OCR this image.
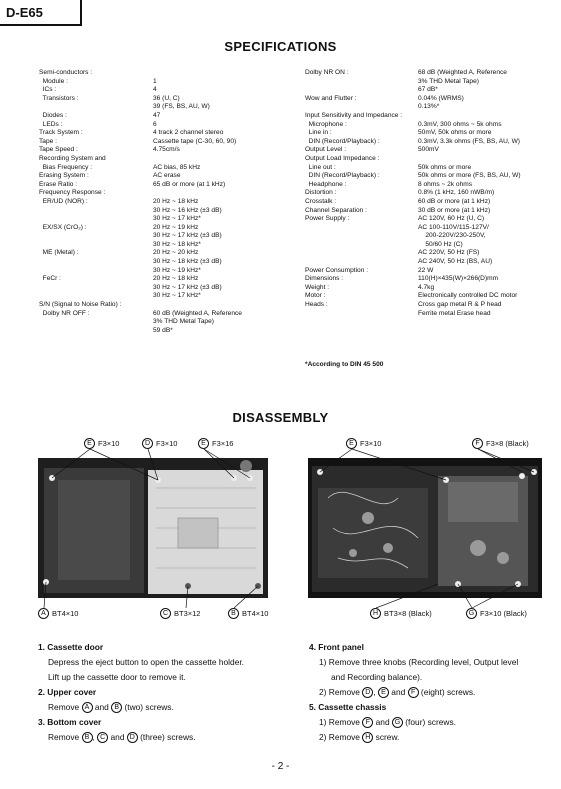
D-E65
SPECIFICATIONS
Semi-conductors :
Module :	1
ICs :	4
Transistors :	36 (U, C)
39 (FS, BS, AU, W)
Diodes :	47
LEDs :	6
Track System :	4 track 2 channel stereo
Tape :	Cassette tape (C-30, 60, 90)
Tape Speed :	4.75cm/s
Recording System and
Bias Frequency :	AC bias, 85 kHz
Erasing System :	AC erase
Erase Ratio :	65 dB or more (at 1 kHz)
Frequency Response :
ER/UD (NOR) :	20 Hz ~ 18 kHz
30 Hz ~ 16 kHz (±3 dB)
30 Hz ~ 17 kHz*
EX/SX (CrO₂) :	20 Hz ~ 19 kHz
30 Hz ~ 17 kHz (±3 dB)
30 Hz ~ 18 kHz*
ME (Metal) :	20 Hz ~ 20 kHz
30 Hz ~ 18 kHz (±3 dB)
30 Hz ~ 19 kHz*
FeCr :	20 Hz ~ 18 kHz
30 Hz ~ 17 kHz (±3 dB)
30 Hz ~ 17 kHz*
S/N (Signal to Noise Ratio) :
Dolby NR OFF :	60 dB (Weighted A, Reference
3% THD Metal Tape)
59 dB*
Dolby NR ON :	68 dB (Weighted A, Reference
3% THD Metal Tape)
67 dB*
Wow and Flutter :	0.04% (WRMS)
0.13%*
Input Sensitivity and Impedance :
Microphone :	0.3mV, 300 ohms ~ 5k ohms
Line in :	50mV, 50k ohms or more
DIN (Record/Playback) :	0.3mV, 3.3k ohms (FS, BS, AU, W)
Output Level :	500mV
Output Load Impedance :
Line out :	50k ohms or more
DIN (Record/Playback) :	50k ohms or more (FS, BS, AU, W)
Headphone :	8 ohms ~ 2k ohms
Distortion :	0.8% (1 kHz, 160 nWB/m)
Crosstalk :	60 dB or more (at 1 kHz)
Channel Separation :	30 dB or more (at 1 kHz)
Power Supply :	AC 120V, 60 Hz (U, C)
AC 100-110V/115-127V/
200-220V/230-250V,
50/60 Hz (C)
AC 220V, 50 Hz (FS)
AC 240V, 50 Hz (BS, AU)
Power Consumption :	22 W
Dimensions :	110(H)×435(W)×266(D)mm
Weight :	4.7kg
Motor :	Electronically controlled DC motor
Heads :	Cross gap metal R & P head
Ferrite metal Erase head
*According to DIN 45 500
DISASSEMBLY
E F3×10	D F3×10	E F3×16	E F3×10	F F3×8 (Black)
A BT4×10	C BT3×12	B BT4×10	H BT3×8 (Black)	G F3×10 (Black)
1. Cassette door
Depress the eject button to open the cassette holder.
Lift up the cassette door to remove it.
2. Upper cover
Remove A and B (two) screws.
3. Bottom cover
Remove B , C and D (three) screws.
4. Front panel
1) Remove three knobs (Recording level, Output level
and Recording balance).
2) Remove D , E and F (eight) screws.
5. Cassette chassis
1) Remove F and G (four) screws.
2) Remove H screw.
- 2 -
